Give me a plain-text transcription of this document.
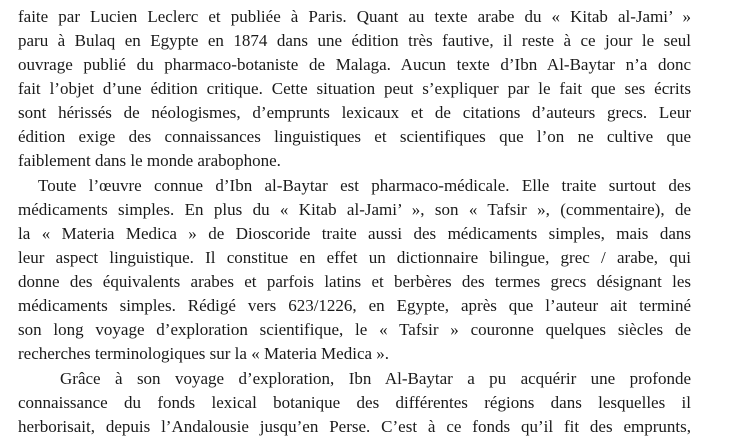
faite par Lucien Leclerc et publiée à Paris. Quant au texte arabe du « Kitab al-Jami’ »
paru à Bulaq en Egypte en 1874 dans une édition très fautive, il reste à ce jour le seul
ouvrage publié du pharmaco-botaniste de Malaga. Aucun texte d’Ibn Al-Baytar n’a donc
fait l’objet d’une édition critique. Cette situation peut s’expliquer par le fait que ses écrits
sont hérissés de néologismes, d’emprunts lexicaux et de citations d’auteurs grecs. Leur
édition exige des connaissances linguistiques et scientifiques que l’on ne cultive que
faiblement dans le monde arabophone.
Toute l’œuvre connue d’Ibn al-Baytar est pharmaco-médicale. Elle traite surtout des
médicaments simples. En plus du « Kitab al-Jami’ », son « Tafsir », (commentaire), de
la « Materia Medica » de Dioscoride traite aussi des médicaments simples, mais dans
leur aspect linguistique. Il constitue en effet un dictionnaire bilingue, grec / arabe, qui
donne des équivalents arabes et parfois latins et berbères des termes grecs désignant les
médicaments simples. Rédigé vers 623/1226, en Egypte, après que l’auteur ait terminé
son long voyage d’exploration scientifique, le « Tafsir » couronne quelques siècles de
recherches terminologiques sur la « Materia Medica ».
Grâce à son voyage d’exploration, Ibn Al-Baytar a pu acquérir une profonde
connaissance du fonds lexical botanique des différentes régions dans lesquelles il
herborisait, depuis l’Andalousie jusqu’en Perse. C’est à ce fonds qu’il fit des emprunts,
